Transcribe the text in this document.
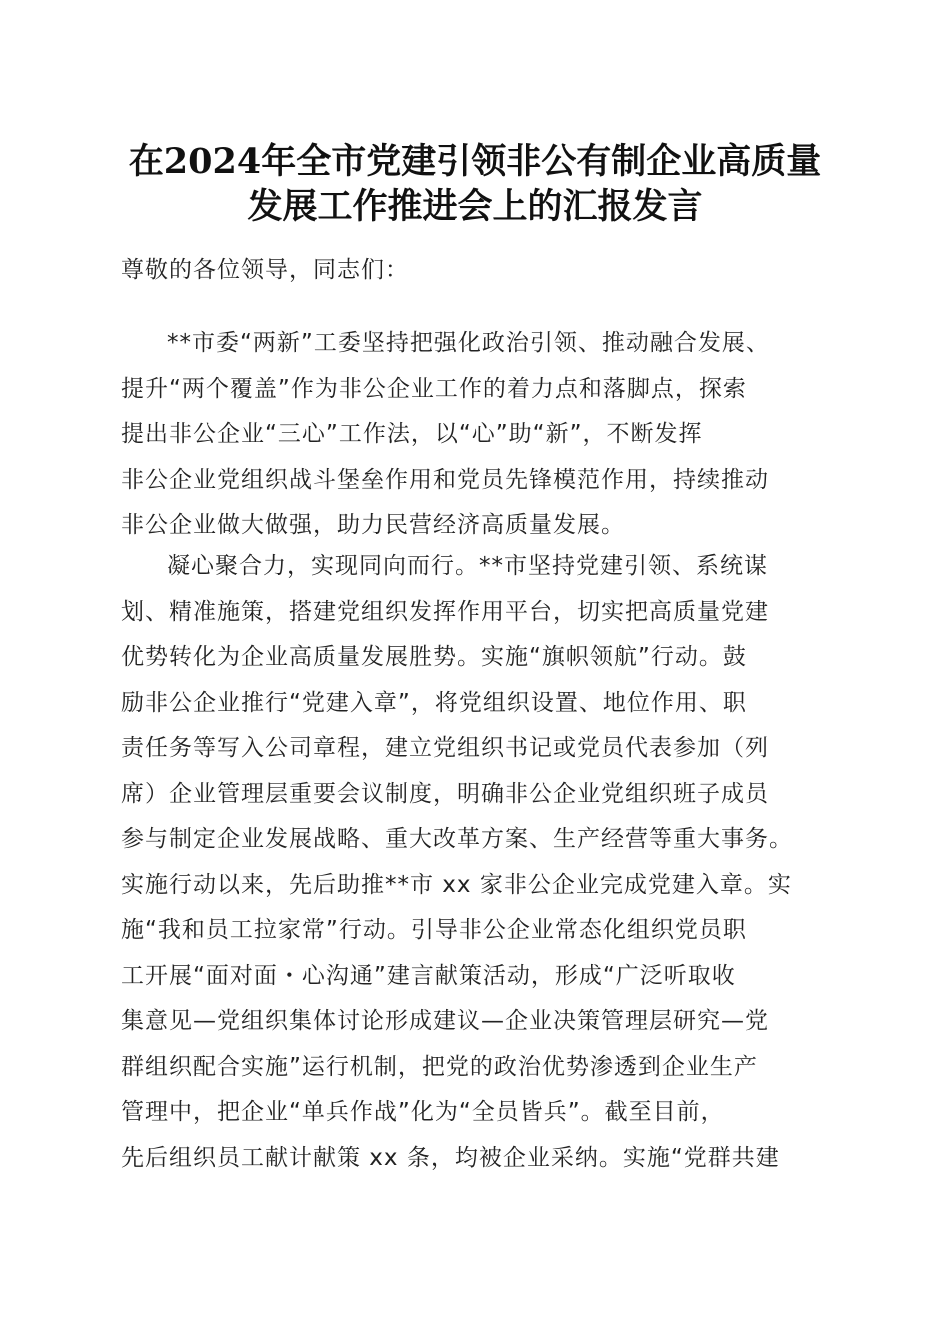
在2024年全市党建引领非公有制企业高质量
发展工作推进会上的汇报发言
尊敬的各位领导，同志们：
**市委“两新”工委坚持把强化政治引领、推动融合发展、
提升“两个覆盖”作为非公企业工作的着力点和落脚点，探索
提出非公企业“三心”工作法，以“心”助“新”，不断发挥
非公企业党组织战斗堡垒作用和党员先锋模范作用，持续推动
非公企业做大做强，助力民营经济高质量发展。
凝心聚合力，实现同向而行。**市坚持党建引领、系统谋
划、精准施策，搭建党组织发挥作用平台，切实把高质量党建
优势转化为企业高质量发展胜势。实施“旗帜领航”行动。鼓
励非公企业推行“党建入章”，将党组织设置、地位作用、职
责任务等写入公司章程，建立党组织书记或党员代表参加（列
席）企业管理层重要会议制度，明确非公企业党组织班子成员
参与制定企业发展战略、重大改革方案、生产经营等重大事务。
实施行动以来，先后助推**市 xx 家非公企业完成党建入章。实
施“我和员工拉家常”行动。引导非公企业常态化组织党员职
工开展“面对面・心沟通”建言献策活动，形成“广泛听取收
集意见—党组织集体讨论形成建议—企业决策管理层研究—党
群组织配合实施”运行机制，把党的政治优势渗透到企业生产
管理中，把企业“单兵作战”化为“全员皆兵”。截至目前，
先后组织员工献计献策 xx 条，均被企业采纳。实施“党群共建
